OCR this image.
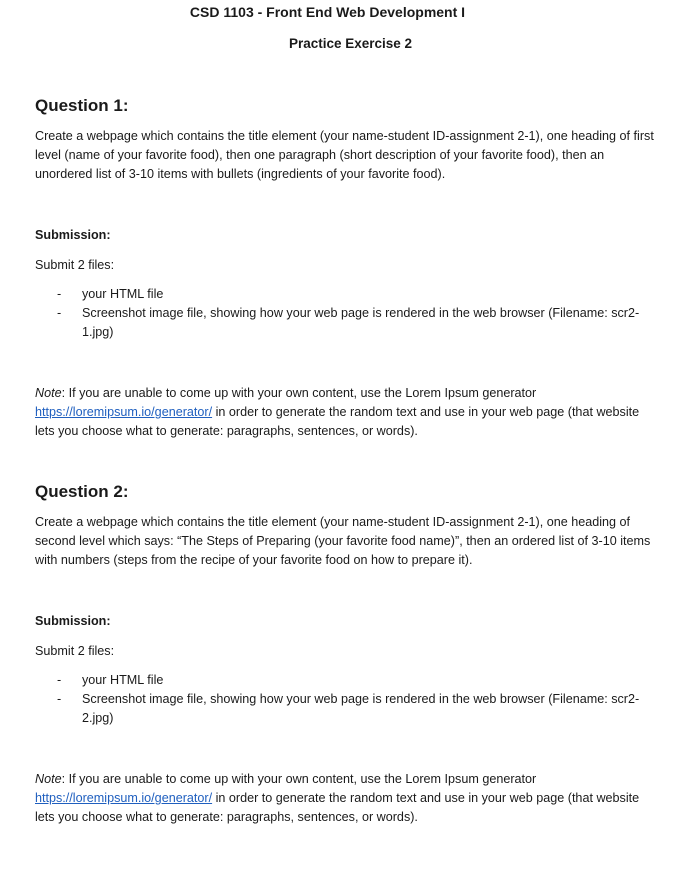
CSD 1103 - Front End Web Development I
Practice Exercise 2
Question 1:

Create a webpage which contains the title element (your name-student ID-assignment 2-1), one heading of first level (name of your favorite food), then one paragraph (short description of your favorite food), then an unordered list of 3-10 items with bullets (ingredients of your favorite food).

Submission:

Submit 2 files:

- your HTML file
- Screenshot image file, showing how your web page is rendered in the web browser (Filename: scr2-1.jpg)

Note: If you are unable to come up with your own content, use the Lorem Ipsum generator https://loremipsum.io/generator/ in order to generate the random text and use in your web page (that website lets you choose what to generate: paragraphs, sentences, or words).

Question 2:

Create a webpage which contains the title element (your name-student ID-assignment 2-1), one heading of second level which says: “The Steps of Preparing (your favorite food name)”, then an ordered list of 3-10 items with numbers (steps from the recipe of your favorite food on how to prepare it).

Submission:

Submit 2 files:

- your HTML file
- Screenshot image file, showing how your web page is rendered in the web browser (Filename: scr2-2.jpg)

Note: If you are unable to come up with your own content, use the Lorem Ipsum generator https://loremipsum.io/generator/ in order to generate the random text and use in your web page (that website lets you choose what to generate: paragraphs, sentences, or words).
